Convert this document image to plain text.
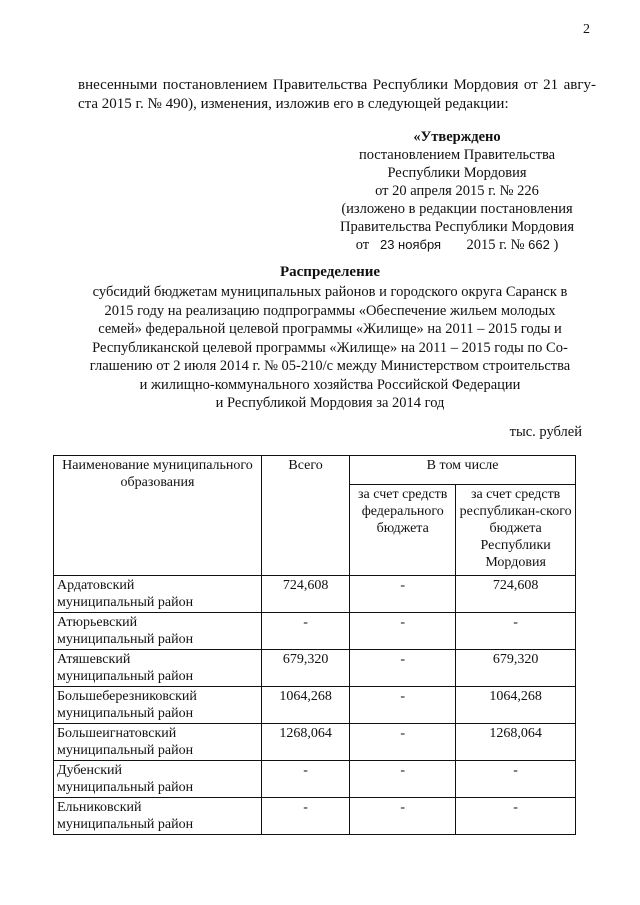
2
внесенными постановлением Правительства Республики Мордовия от 21 авгу-
ста 2015 г. № 490), изменения, изложив его в следующей редакции:
«Утверждено
постановлением Правительства
Республики Мордовия
от 20 апреля 2015 г. № 226
(изложено в редакции постановления
Правительства Республики Мордовия
от 23 ноября 2015 г. № 662 )
Распределение
субсидий бюджетам муниципальных районов и городского округа Саранск в
2015 году на реализацию подпрограммы «Обеспечение жильем молодых
семей» федеральной целевой программы «Жилище» на 2011 – 2015 годы и
Республиканской целевой программы «Жилище» на 2011 – 2015 годы по Со-
глашению от 2 июля 2014 г. № 05-210/с между Министерством строительства
и жилищно-коммунального хозяйства Российской Федерации
и Республикой Мордовия за 2014 год
тыс. рублей
Наименование муниципального образования	Всего	В том числе	
		за счет средств федерального бюджета	за счет средств республикан-ского бюджета Республики Мордовия
Ардатовский
муниципальный район	724,608	-	724,608
Атюрьевский
муниципальный район	-	-	-
Атяшевский
муниципальный район	679,320	-	679,320
Большеберезниковский
муниципальный район	1064,268	-	1064,268
Большеигнатовский
муниципальный район	1268,064	-	1268,064
Дубенский
муниципальный район	-	-	-
Ельниковский
муниципальный район	-	-	-
